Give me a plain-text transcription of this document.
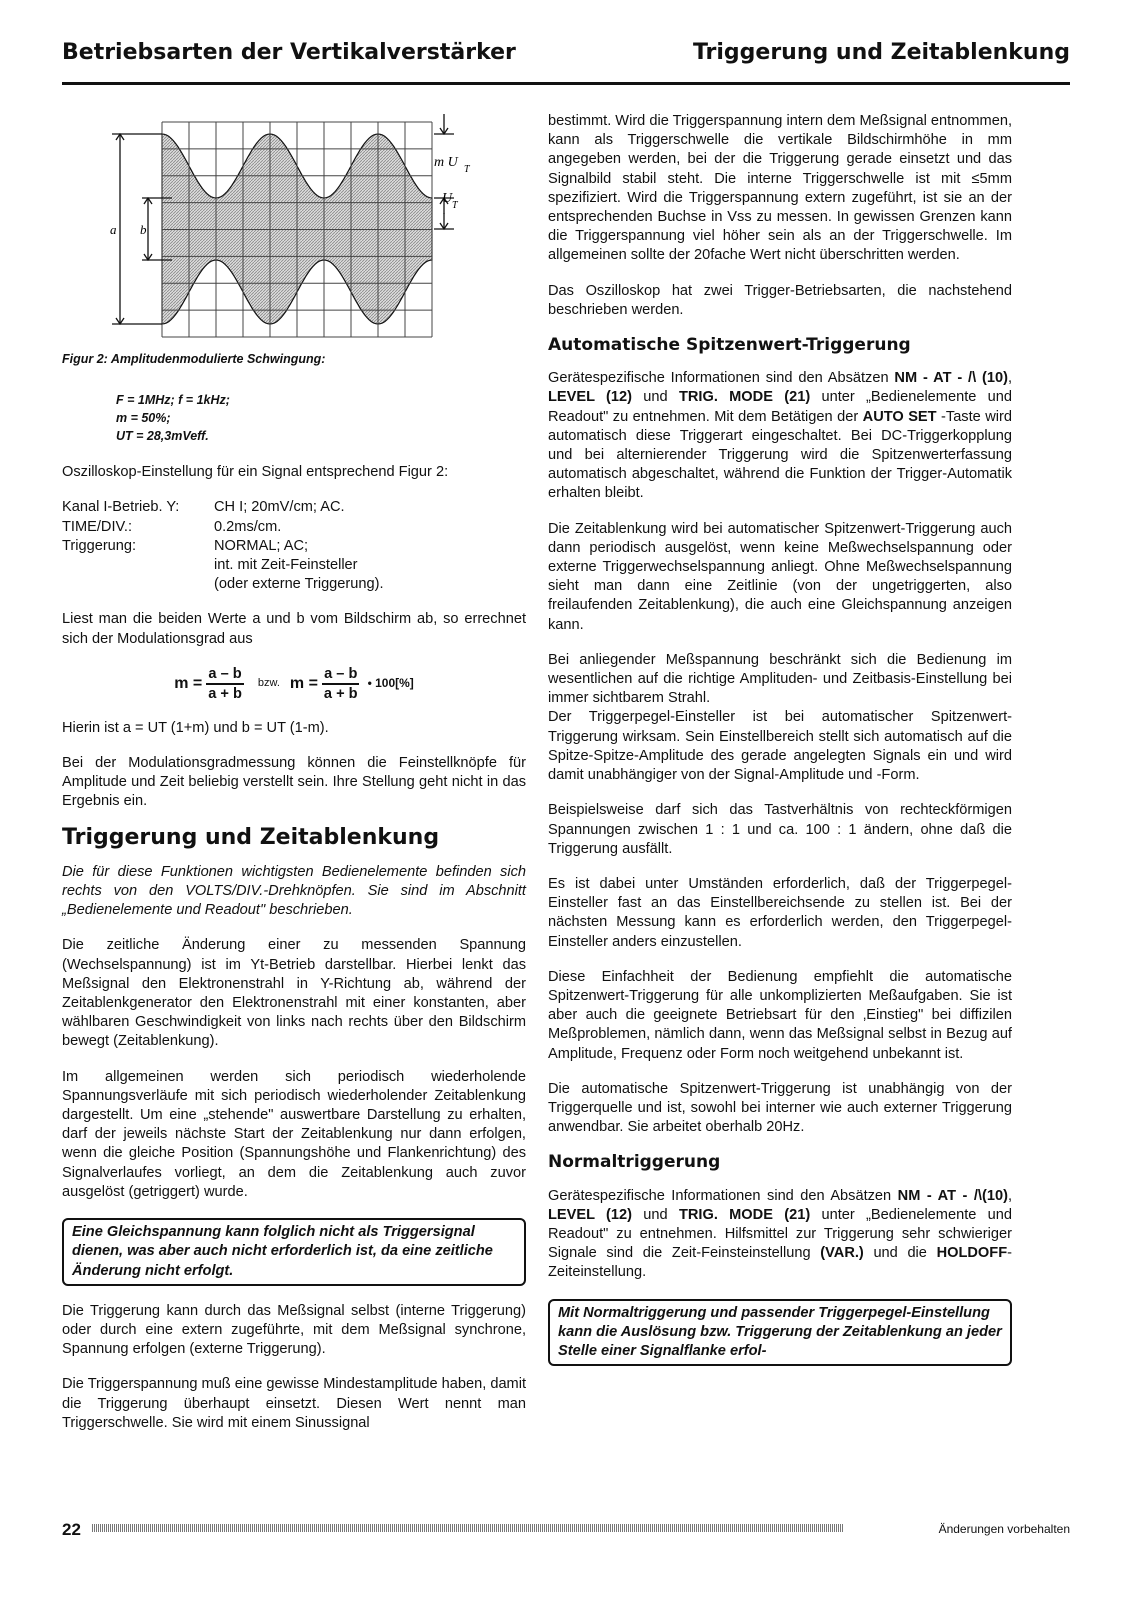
Betriebsarten der Vertikalverstärker	Triggerung und Zeitablenkung
a b
m U T
U T
Figur 2: Amplitudenmodulierte Schwingung:
F = 1MHz; f = 1kHz;
m = 50%;
UT = 28,3mVeff.

Oszilloskop-Einstellung für ein Signal entsprechend Figur 2:

Kanal I-Betrieb. Y:	CH I; 20mV/cm; AC.
TIME/DIV.:	0.2ms/cm.
Triggerung:	NORMAL; AC;
int. mit Zeit-Feinsteller
(oder externe Triggerung).

Liest man die beiden Werte a und b vom Bildschirm ab, so errechnet sich der Modulationsgrad aus

$m = \frac{a - b}{a + b}$ bzw. $m = \frac{a - b}{a + b}$ • 100[%]

Hierin ist a = UT (1+m) und b = UT (1-m).

Bei der Modulationsgradmessung können die Feinstellknöpfe für Amplitude und Zeit beliebig verstellt sein. Ihre Stellung geht nicht in das Ergebnis ein.

Triggerung und Zeitablenkung

Die für diese Funktionen wichtigsten Bedienelemente befinden sich rechts von den VOLTS/DIV.-Drehknöpfen. Sie sind im Abschnitt „Bedienelemente und Readout" beschrieben.

Die zeitliche Änderung einer zu messenden Spannung (Wechselspannung) ist im Yt-Betrieb darstellbar. Hierbei lenkt das Meßsignal den Elektronenstrahl in Y-Richtung ab, während der Zeitablenkgenerator den Elektronenstrahl mit einer konstanten, aber wählbaren Geschwindigkeit von links nach rechts über den Bildschirm bewegt (Zeitablenkung).

Im allgemeinen werden sich periodisch wiederholende Spannungsverläufe mit sich periodisch wiederholender Zeitablenkung dargestellt. Um eine „stehende" auswertbare Darstellung zu erhalten, darf der jeweils nächste Start der Zeitablenkung nur dann erfolgen, wenn die gleiche Position (Spannungshöhe und Flankenrichtung) des Signalverlaufes vorliegt, an dem die Zeitablenkung auch zuvor ausgelöst (getriggert) wurde.

Eine Gleichspannung kann folglich nicht als Triggersignal dienen, was aber auch nicht erforderlich ist, da eine zeitliche Änderung nicht erfolgt.

Die Triggerung kann durch das Meßsignal selbst (interne Triggerung) oder durch eine extern zugeführte, mit dem Meßsignal synchrone, Spannung erfolgen (externe Triggerung).

Die Triggerspannung muß eine gewisse Mindestamplitude haben, damit die Triggerung überhaupt einsetzt. Diesen Wert nennt man Triggerschwelle. Sie wird mit einem Sinussignal

bestimmt. Wird die Triggerspannung intern dem Meßsignal entnommen, kann als Triggerschwelle die vertikale Bildschirmhöhe in mm angegeben werden, bei der die Triggerung gerade einsetzt und das Signalbild stabil steht. Die interne Triggerschwelle ist mit ≤5mm spezifiziert. Wird die Triggerspannung extern zugeführt, ist sie an der entsprechenden Buchse in Vss zu messen. In gewissen Grenzen kann die Triggerspannung viel höher sein als an der Triggerschwelle. Im allgemeinen sollte der 20fache Wert nicht überschritten werden.

Das Oszilloskop hat zwei Trigger-Betriebsarten, die nachstehend beschrieben werden.

Automatische Spitzenwert-Triggerung

Gerätespezifische Informationen sind den Absätzen NM - AT - /\ (10), LEVEL (12) und TRIG. MODE (21) unter „Bedienelemente und Readout" zu entnehmen. Mit dem Betätigen der AUTO SET -Taste wird automatisch diese Triggerart eingeschaltet. Bei DC-Triggerkopplung und bei alternierender Triggerung wird die Spitzenwerterfassung automatisch abgeschaltet, während die Funktion der Trigger-Automatik erhalten bleibt.

Die Zeitablenkung wird bei automatischer Spitzenwert-Triggerung auch dann periodisch ausgelöst, wenn keine Meßwechselspannung oder externe Triggerwechselspannung anliegt. Ohne Meßwechselspannung sieht man dann eine Zeitlinie (von der ungetriggerten, also freilaufenden Zeitablenkung), die auch eine Gleichspannung anzeigen kann.

Bei anliegender Meßspannung beschränkt sich die Bedienung im wesentlichen auf die richtige Amplituden- und Zeitbasis-Einstellung bei immer sichtbarem Strahl.

Der Triggerpegel-Einsteller ist bei automatischer Spitzenwert-Triggerung wirksam. Sein Einstellbereich stellt sich automatisch auf die Spitze-Spitze-Amplitude des gerade angelegten Signals ein und wird damit unabhängiger von der Signal-Amplitude und -Form.

Beispielsweise darf sich das Tastverhältnis von rechteckförmigen Spannungen zwischen 1 : 1 und ca. 100 : 1 ändern, ohne daß die Triggerung ausfällt.

Es ist dabei unter Umständen erforderlich, daß der Triggerpegel-Einsteller fast an das Einstellbereichsende zu stellen ist. Bei der nächsten Messung kann es erforderlich werden, den Triggerpegel-Einsteller anders einzustellen.

Diese Einfachheit der Bedienung empfiehlt die automatische Spitzenwert-Triggerung für alle unkomplizierten Meßaufgaben. Sie ist aber auch die geeignete Betriebsart für den ‚Einstieg" bei diffizilen Meßproblemen, nämlich dann, wenn das Meßsignal selbst in Bezug auf Amplitude, Frequenz oder Form noch weitgehend unbekannt ist.

Die automatische Spitzenwert-Triggerung ist unabhängig von der Triggerquelle und ist, sowohl bei interner wie auch externer Triggerung anwendbar. Sie arbeitet oberhalb 20Hz.

Normaltriggerung

Gerätespezifische Informationen sind den Absätzen NM - AT - /\(10), LEVEL (12) und TRIG. MODE (21) unter „Bedienelemente und Readout" zu entnehmen. Hilfsmittel zur Triggerung sehr schwieriger Signale sind die Zeit-Feinsteinstellung (VAR.) und die HOLDOFF-Zeiteinstellung.

Mit Normaltriggerung und passender Triggerpegel-Einstellung kann die Auslösung bzw. Triggerung der Zeitablenkung an jeder Stelle einer Signalflanke erfol-
22	Änderungen vorbehalten
